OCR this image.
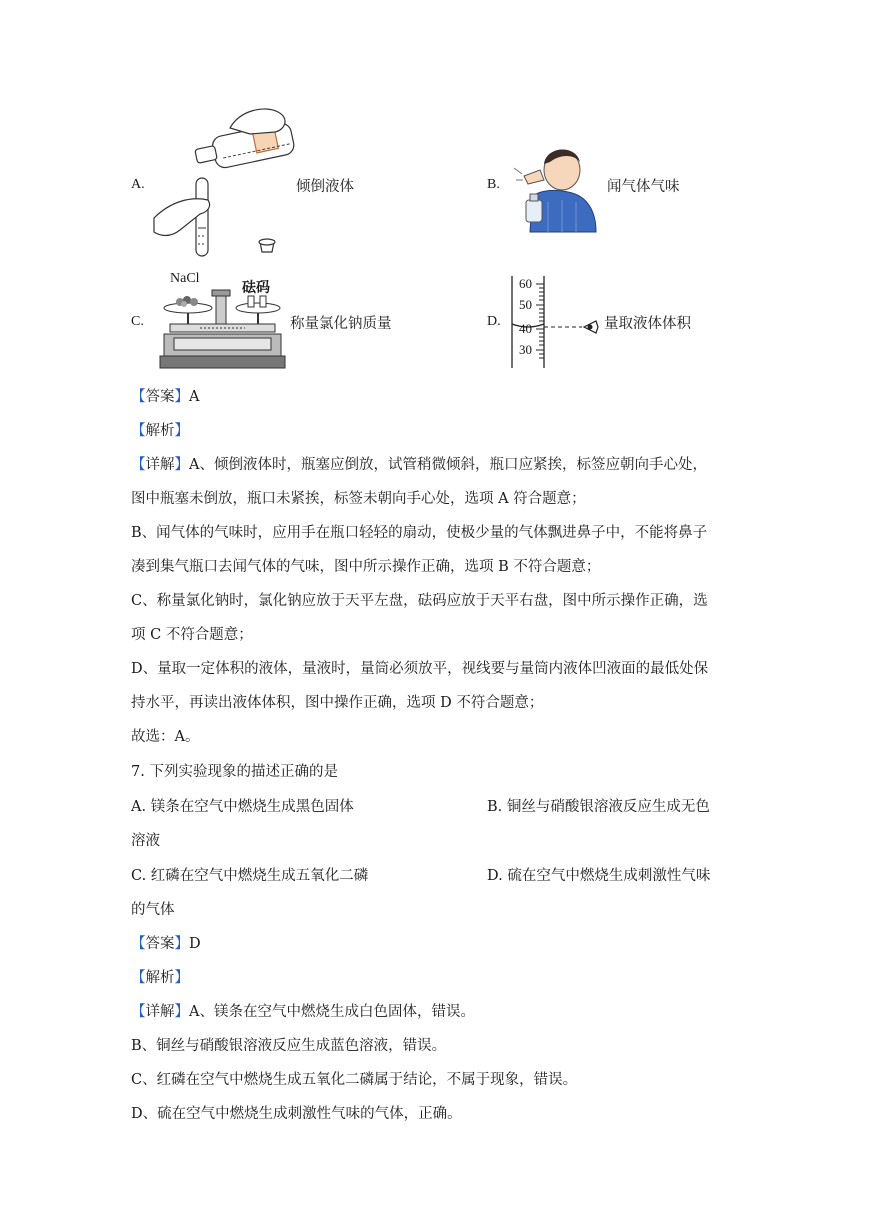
A.	倾倒液体	B.	闻气体气味
C.
NaCl
砝码
称量氯化钠质量	D.
60
50
40
30
量取液体体积
【答案】A
【解析】
【详解】A、倾倒液体时，瓶塞应倒放，试管稍微倾斜，瓶口应紧挨，标签应朝向手心处，
图中瓶塞未倒放，瓶口未紧挨，标签未朝向手心处，选项 A 符合题意；
B、闻气体的气味时，应用手在瓶口轻轻的扇动，使极少量的气体飘进鼻子中，不能将鼻子
凑到集气瓶口去闻气体的气味，图中所示操作正确，选项 B 不符合题意；
C、称量氯化钠时，氯化钠应放于天平左盘，砝码应放于天平右盘，图中所示操作正确，选
项 C 不符合题意；
D、量取一定体积的液体，量液时，量筒必须放平，视线要与量筒内液体凹液面的最低处保
持水平，再读出液体体积，图中操作正确，选项 D 不符合题意；
故选：A。
7. 下列实验现象的描述正确的是
A. 镁条在空气中燃烧生成黑色固体	B. 铜丝与硝酸银溶液反应生成无色
溶液
C. 红磷在空气中燃烧生成五氧化二磷	D. 硫在空气中燃烧生成刺激性气味
的气体
【答案】D
【解析】
【详解】A、镁条在空气中燃烧生成白色固体，错误。
B、铜丝与硝酸银溶液反应生成蓝色溶液，错误。
C、红磷在空气中燃烧生成五氧化二磷属于结论，不属于现象，错误。
D、硫在空气中燃烧生成刺激性气味的气体，正确。
